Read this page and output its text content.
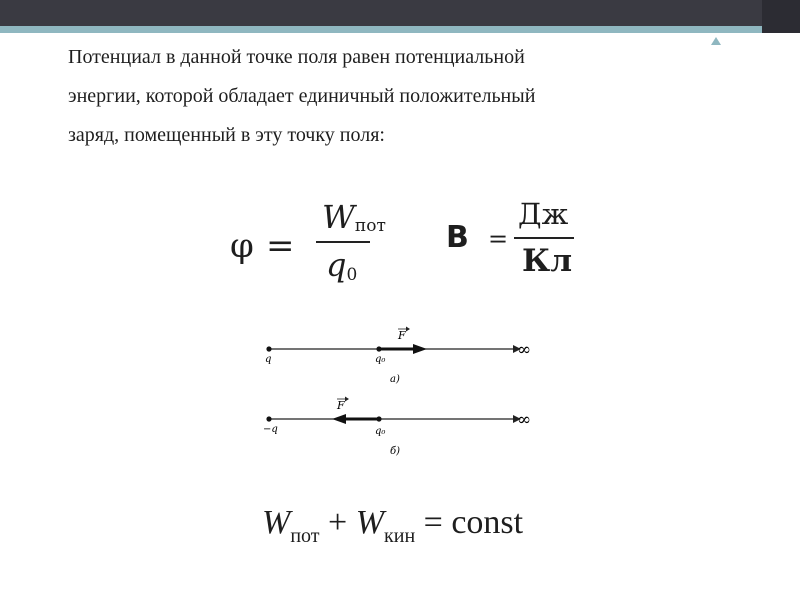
Потенциал в данной точке поля равен потенциальной
энергии, которой обладает единичный положительный
заряд, помещенный в эту точку поля:

φ =
$W_{пот}$
$q_0$
В =
Дж
Кл
q	q₀
F
а)
∞
−q	q₀
F
б)
∞
$W_{пот} + W_{кин}$ = const
